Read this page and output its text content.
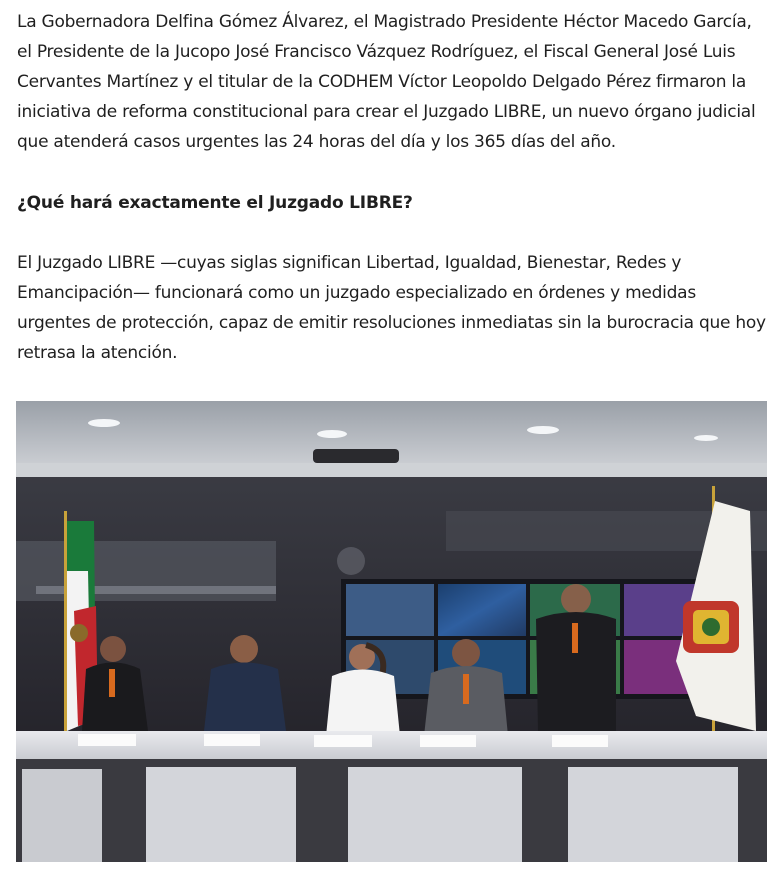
La Gobernadora Delfina Gómez Álvarez, el Magistrado Presidente Héctor Macedo García, el Presidente de la Jucopo José Francisco Vázquez Rodríguez, el Fiscal General José Luis Cervantes Martínez y el titular de la CODHEM Víctor Leopoldo Delgado Pérez firmaron la iniciativa de reforma constitucional para crear el Juzgado LIBRE, un nuevo órgano judicial que atenderá casos urgentes las 24 horas del día y los 365 días del año.

¿Qué hará exactamente el Juzgado LIBRE?

El Juzgado LIBRE —cuyas siglas significan Libertad, Igualdad, Bienestar, Redes y Emancipación— funcionará como un juzgado especializado en órdenes y medidas urgentes de protección, capaz de emitir resoluciones inmediatas sin la burocracia que hoy retrasa la atención.
